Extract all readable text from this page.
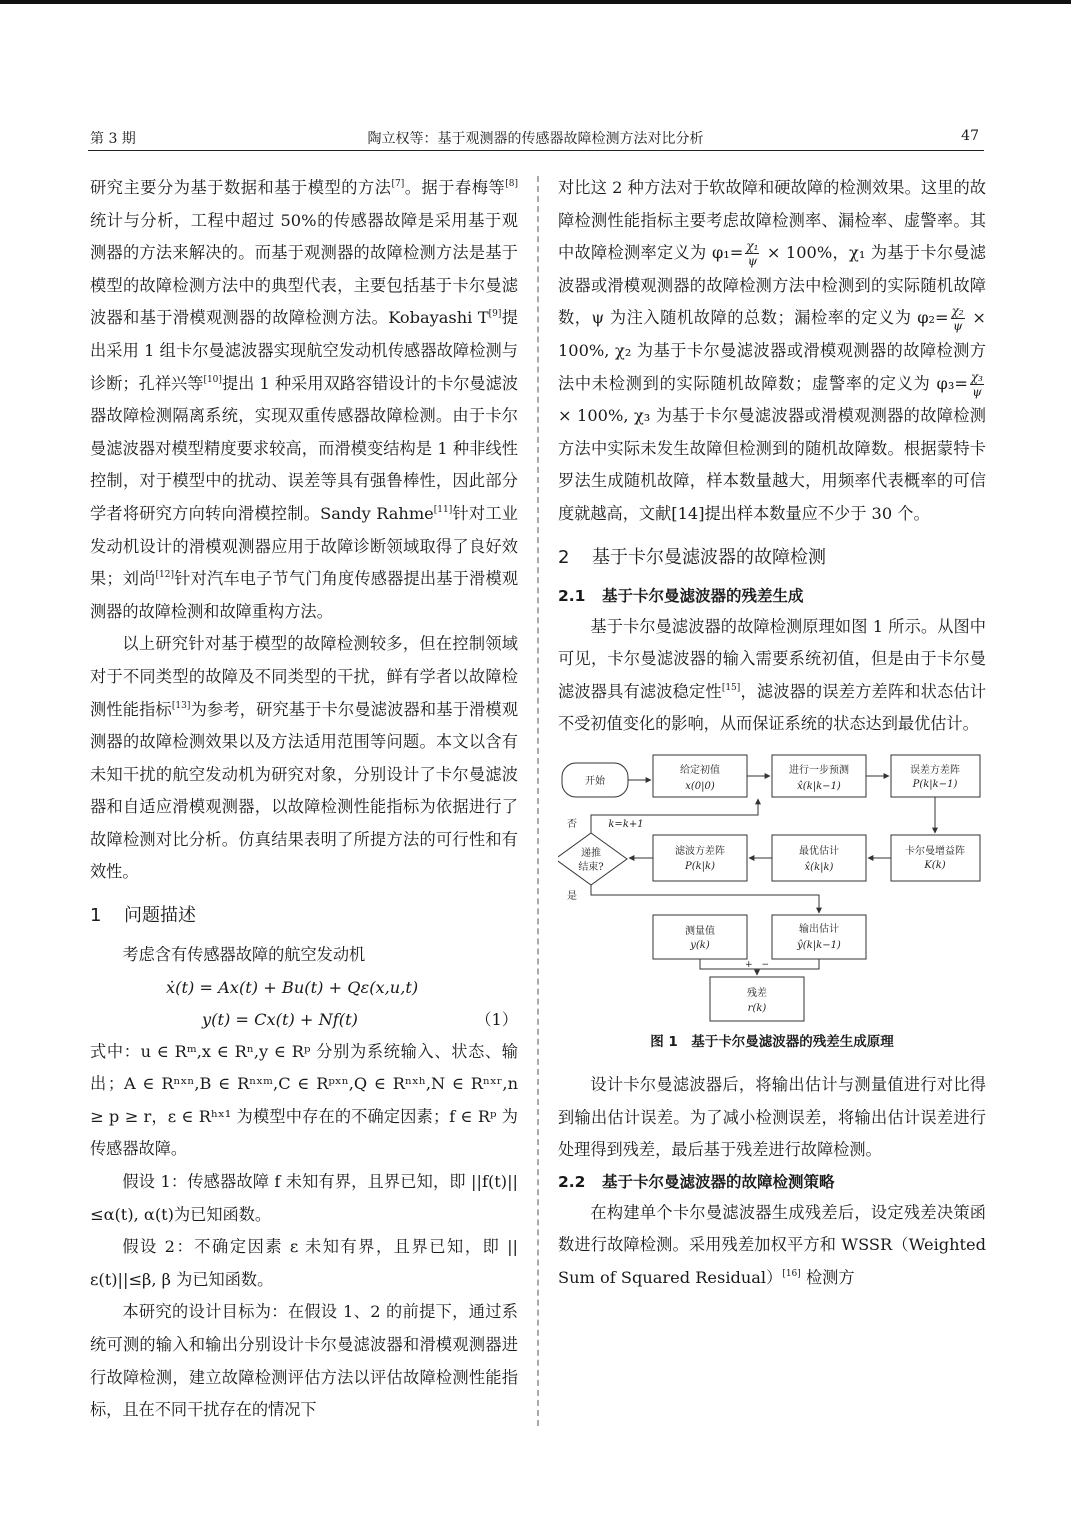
第 3 期	陶立权等：基于观测器的传感器故障检测方法对比分析	47

研究主要分为基于数据和基于模型的方法[7]。据于春梅等[8]统计与分析，工程中超过 50%的传感器故障是采用基于观测器的方法来解决的。而基于观测器的故障检测方法是基于模型的故障检测方法中的典型代表，主要包括基于卡尔曼滤波器和基于滑模观测器的故障检测方法。Kobayashi T[9]提出采用 1 组卡尔曼滤波器实现航空发动机传感器故障检测与诊断；孔祥兴等[10]提出 1 种采用双路容错设计的卡尔曼滤波器故障检测隔离系统，实现双重传感器故障检测。由于卡尔曼滤波器对模型精度要求较高，而滑模变结构是 1 种非线性控制，对于模型中的扰动、误差等具有强鲁棒性，因此部分学者将研究方向转向滑模控制。Sandy Rahme[11]针对工业发动机设计的滑模观测器应用于故障诊断领域取得了良好效果；刘尚[12]针对汽车电子节气门角度传感器提出基于滑模观测器的故障检测和故障重构方法。

以上研究针对基于模型的故障检测较多，但在控制领域对于不同类型的故障及不同类型的干扰，鲜有学者以故障检测性能指标[13]为参考，研究基于卡尔曼滤波器和基于滑模观测器的故障检测效果以及方法适用范围等问题。本文以含有未知干扰的航空发动机为研究对象，分别设计了卡尔曼滤波器和自适应滑模观测器，以故障检测性能指标为依据进行了故障检测对比分析。仿真结果表明了所提方法的可行性和有效性。

1 问题描述

考虑含有传感器故障的航空发动机

ẋ(t) = Ax(t) + Bu(t) + Qε(x,u,t)
y(t) = Cx(t) + Nf(t)	（1）

式中：u ∈ Rᵐ,x ∈ Rⁿ,y ∈ Rᵖ 分别为系统输入、状态、输出；A ∈ Rⁿˣⁿ,B ∈ Rⁿˣᵐ,C ∈ Rᵖˣⁿ,Q ∈ Rⁿˣʰ,N ∈ Rⁿˣʳ,n ≥ p ≥ r，ε ∈ Rʰˣ¹ 为模型中存在的不确定因素；f ∈ Rᵖ 为传感器故障。

假设 1：传感器故障 f 未知有界，且界已知，即 ||f(t)||≤α(t), α(t)为已知函数。

假设 2：不确定因素 ε 未知有界，且界已知，即 ||ε(t)||≤β, β 为已知函数。

本研究的设计目标为：在假设 1、2 的前提下，通过系统可测的输入和输出分别设计卡尔曼滤波器和滑模观测器进行故障检测，建立故障检测评估方法以评估故障检测性能指标，且在不同干扰存在的情况下

对比这 2 种方法对于软故障和硬故障的检测效果。这里的故障检测性能指标主要考虑故障检测率、漏检率、虚警率。其中故障检测率定义为 $\varphi_1= \frac{\text{χ₁}}{\psi} \times 100\%$，χ₁ 为基于卡尔曼滤波器或滑模观测器的故障检测方法中检测到的实际随机故障数，ψ 为注入随机故障的总数；漏检率的定义为 $\varphi_2= \frac{\text{χ₂}}{\psi} \times 100\%$, χ₂ 为基于卡尔曼滤波器或滑模观测器的故障检测方法中未检测到的实际随机故障数；虚警率的定义为 $\varphi_3= \frac{\text{χ₃}}{\psi}$
× 100%, χ₃ 为基于卡尔曼滤波器或滑模观测器的故障检测方法中实际未发生故障但检测到的随机故障数。根据蒙特卡罗法生成随机故障，样本数量越大，用频率代表概率的可信度就越高，文献[14]提出样本数量应不少于 30 个。

2 基于卡尔曼滤波器的故障检测
2.1 基于卡尔曼滤波器的残差生成

基于卡尔曼滤波器的故障检测原理如图 1 所示。从图中可见，卡尔曼滤波器的输入需要系统初值，但是由于卡尔曼滤波器具有滤波稳定性[15]，滤波器的误差方差阵和状态估计不受初值变化的影响，从而保证系统的状态达到最优估计。

开始
给定初值
x(0|0)
进行一步预测
x̂(k|k−1)
误差方差阵
P(k|k−1)
滤波方差阵
P(k|k)
最优估计
x̂(k|k)
卡尔曼增益阵
K(k)
递推
结束?
否
是
k=k+1
测量值
y(k)
输出估计
ŷ(k|k−1)
+　−
残差
r(k)
图 1　基于卡尔曼滤波器的残差生成原理

设计卡尔曼滤波器后，将输出估计与测量值进行对比得到输出估计误差。为了减小检测误差，将输出估计误差进行处理得到残差，最后基于残差进行故障检测。

2.2 基于卡尔曼滤波器的故障检测策略

在构建单个卡尔曼滤波器生成残差后，设定残差决策函数进行故障检测。采用残差加权平方和 WSSR（Weighted Sum of Squared Residual）[16] 检测方
